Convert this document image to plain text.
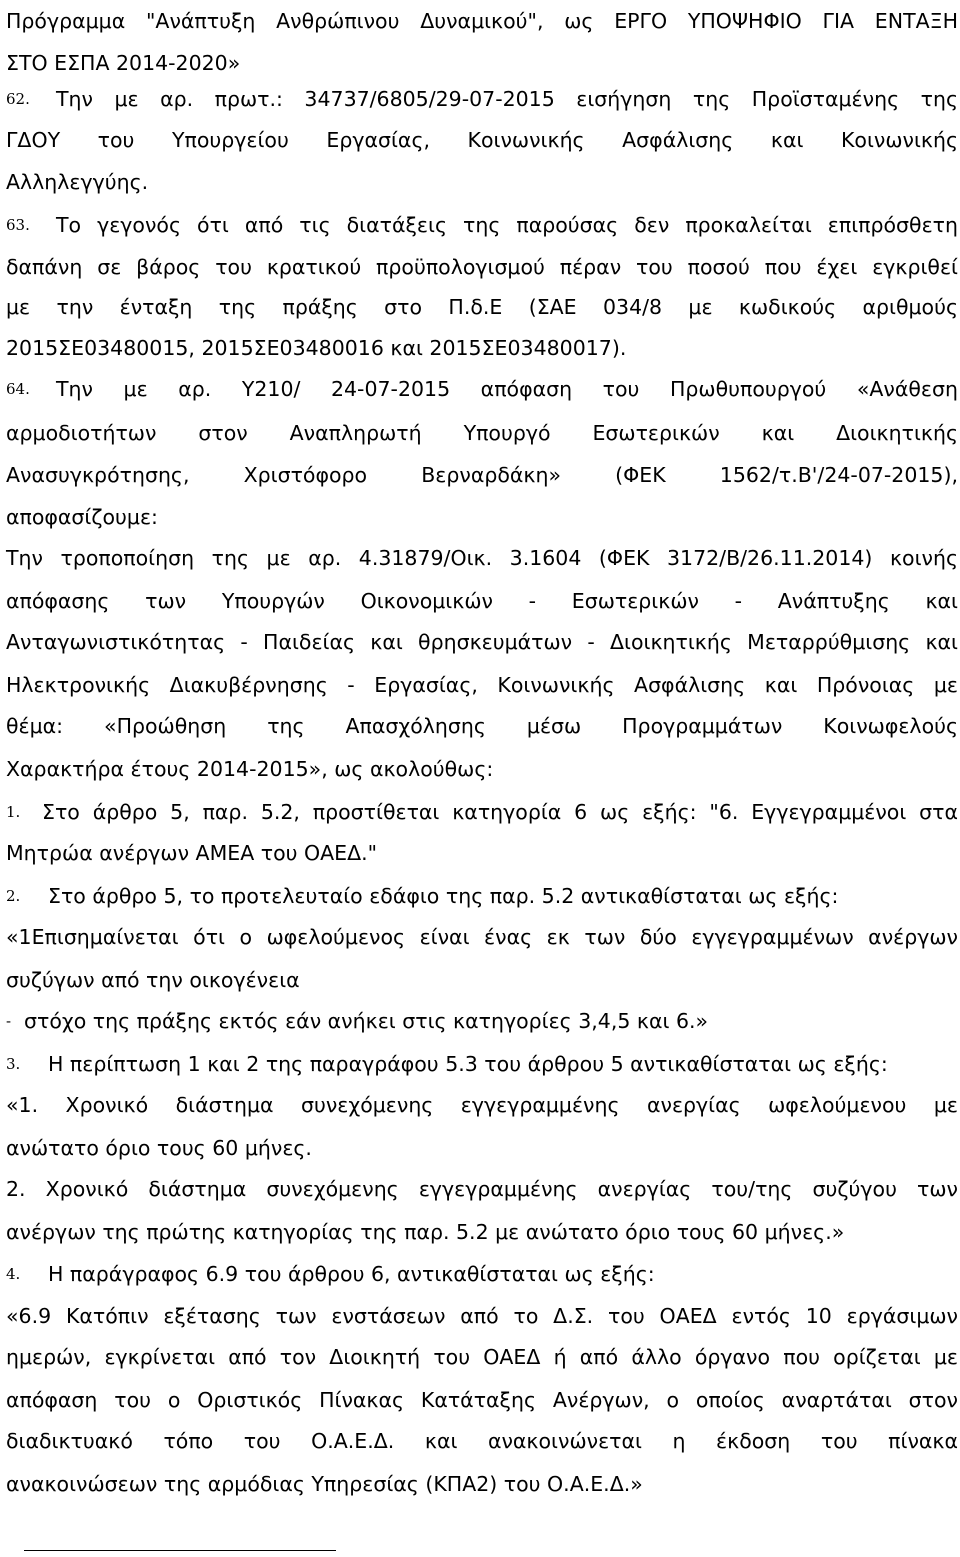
Πρόγραμμα "Ανάπτυξη Ανθρώπινου Δυναμικού", ως ΕΡΓΟ ΥΠΟΨΗΦΙΟ ΓΙΑ ΕΝΤΑΞΗ
ΣΤΟ ΕΣΠΑ 2014-2020»
62. Την με αρ. πρωτ.: 34737/6805/29-07-2015 εισήγηση της Προϊσταμένης της
ΓΔΟΥ του Υπουργείου Εργασίας, Κοινωνικής Ασφάλισης και Κοινωνικής
Αλληλεγγύης.
63. Το γεγονός ότι από τις διατάξεις της παρούσας δεν προκαλείται επιπρόσθετη
δαπάνη σε βάρος του κρατικού προϋπολογισμού πέραν του ποσού που έχει εγκριθεί
με την ένταξη της πράξης στο Π.δ.Ε (ΣΑΕ 034/8 με κωδικούς αριθμούς
2015ΣΕ03480015, 2015ΣΕ03480016 και 2015ΣΕ03480017).
64. Την με αρ. Υ210/ 24-07-2015 απόφαση του Πρωθυπουργού «Ανάθεση
αρμοδιοτήτων στον Αναπληρωτή Υπουργό Εσωτερικών και Διοικητικής
Ανασυγκρότησης, Χριστόφορο Βερναρδάκη» (ΦΕΚ 1562/τ.Β'/24-07-2015),
αποφασίζουμε:
Την τροποποίηση της με αρ. 4.31879/Οικ. 3.1604 (ΦΕΚ 3172/Β/26.11.2014) κοινής
απόφασης των Υπουργών Οικονομικών - Εσωτερικών - Ανάπτυξης και
Ανταγωνιστικότητας - Παιδείας και θρησκευμάτων - Διοικητικής Μεταρρύθμισης και
Ηλεκτρονικής Διακυβέρνησης - Εργασίας, Κοινωνικής Ασφάλισης και Πρόνοιας με
θέμα: «Προώθηση της Απασχόλησης μέσω Προγραμμάτων Κοινωφελούς
Χαρακτήρα έτους 2014-2015», ως ακολούθως:
1. Στο άρθρο 5, παρ. 5.2, προστίθεται κατηγορία 6 ως εξής: "6. Εγγεγραμμένοι στα
Μητρώα ανέργων ΑΜΕΑ του ΟΑΕΔ."
2. Στο άρθρο 5, το προτελευταίο εδάφιο της παρ. 5.2 αντικαθίσταται ως εξής:
«1Επισημαίνεται ότι ο ωφελούμενος είναι ένας εκ των δύο εγγεγραμμένων ανέργων
συζύγων από την οικογένεια
- στόχο της πράξης εκτός εάν ανήκει στις κατηγορίες 3,4,5 και 6.»
3. Η περίπτωση 1 και 2 της παραγράφου 5.3 του άρθρου 5 αντικαθίσταται ως εξής:
«1. Χρονικό διάστημα συνεχόμενης εγγεγραμμένης ανεργίας ωφελούμενου με
ανώτατο όριο τους 60 μήνες.
2. Χρονικό διάστημα συνεχόμενης εγγεγραμμένης ανεργίας του/της συζύγου των
ανέργων της πρώτης κατηγορίας της παρ. 5.2 με ανώτατο όριο τους 60 μήνες.»
4. Η παράγραφος 6.9 του άρθρου 6, αντικαθίσταται ως εξής:
«6.9 Κατόπιν εξέτασης των ενστάσεων από το Δ.Σ. του ΟΑΕΔ εντός 10 εργάσιμων
ημερών, εγκρίνεται από τον Διοικητή του ΟΑΕΔ ή από άλλο όργανο που ορίζεται με
απόφαση του ο Οριστικός Πίνακας Κατάταξης Ανέργων, ο οποίος αναρτάται στον
διαδικτυακό τόπο του Ο.Α.Ε.Δ. και ανακοινώνεται η έκδοση του πίνακα
ανακοινώσεων της αρμόδιας Υπηρεσίας (ΚΠΑ2) του Ο.Α.Ε.Δ.»
